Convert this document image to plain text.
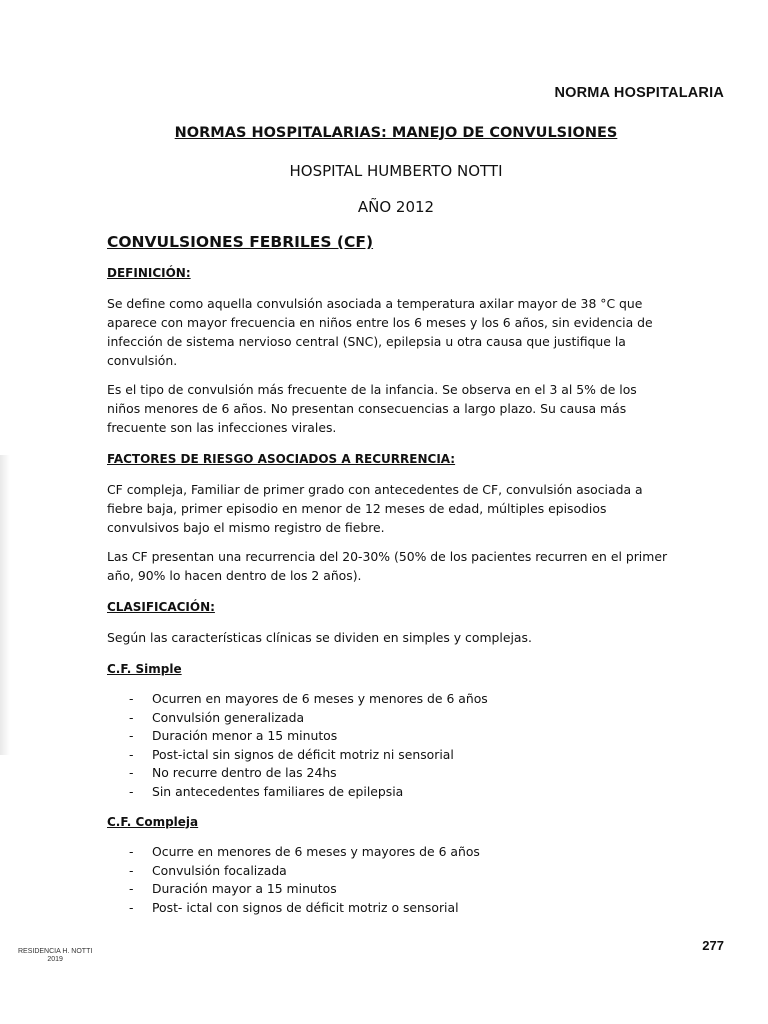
NORMA HOSPITALARIA
NORMAS HOSPITALARIAS: MANEJO DE CONVULSIONES
HOSPITAL HUMBERTO NOTTI
AÑO 2012
CONVULSIONES FEBRILES (CF)
DEFINICIÓN:

Se define como aquella convulsión asociada a temperatura axilar mayor de 38 °C que aparece con mayor frecuencia en niños entre los 6 meses y los 6 años, sin evidencia de infección de sistema nervioso central (SNC), epilepsia u otra causa que justifique la convulsión.

Es el tipo de convulsión más frecuente de la infancia. Se observa en el 3 al 5% de los niños menores de 6 años. No presentan consecuencias a largo plazo. Su causa más frecuente son las infecciones virales.

FACTORES DE RIESGO ASOCIADOS A RECURRENCIA:

CF compleja, Familiar de primer grado con antecedentes de CF, convulsión asociada a fiebre baja, primer episodio en menor de 12 meses de edad, múltiples episodios convulsivos bajo el mismo registro de fiebre.

Las CF presentan una recurrencia del 20-30% (50% de los pacientes recurren en el primer año, 90% lo hacen dentro de los 2 años).

CLASIFICACIÓN:

Según las características clínicas se dividen en simples y complejas.

C.F. Simple
- Ocurren en mayores de 6 meses y menores de 6 años
- Convulsión generalizada
- Duración menor a 15 minutos
- Post-ictal sin signos de déficit motriz ni sensorial
- No recurre dentro de las 24hs
- Sin antecedentes familiares de epilepsia
C.F. Compleja
- Ocurre en menores de 6 meses y mayores de 6 años
- Convulsión focalizada
- Duración mayor a 15 minutos
- Post- ictal con signos de déficit motriz o sensorial
RESIDENCIA H. NOTTI
2019
277
